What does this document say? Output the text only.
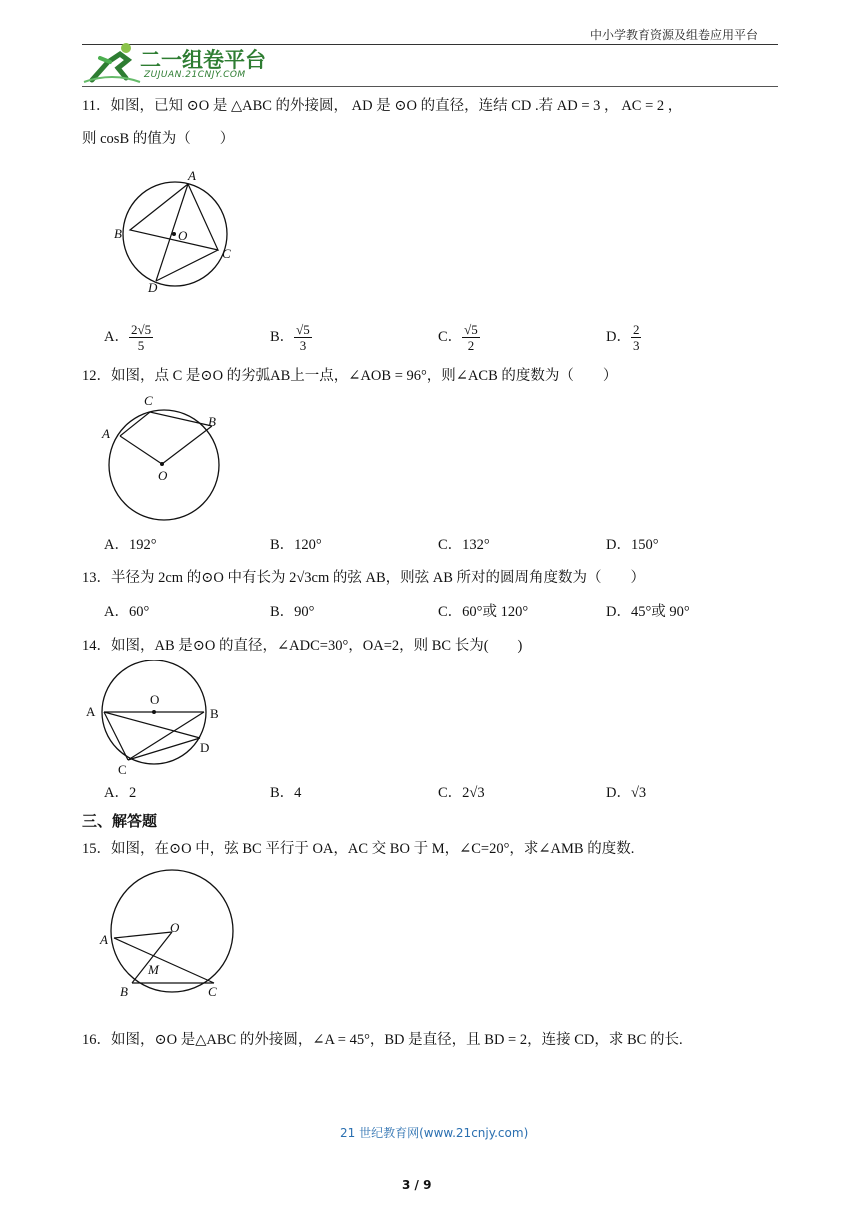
中小学教育资源及组卷应用平台
二一组卷平台
ZUJUAN.21CNJY.COM
11．如图，已知 ⊙O 是 △ABC 的外接圆， AD 是 ⊙O 的直径，连结 CD .若 AD = 3 ， AC = 2 ，
则 cosB 的值为（　　）
A
B	O
C
D
A． $\frac{2√5}{5}$	B． $\frac{√5}{3}$	C． $\frac{√5}{2}$	D． $\frac{2}{3}$
12．如图，点 C 是⊙O 的劣弧AB上一点，∠AOB = 96°，则∠ACB 的度数为（　　）
C
A
B
O
A．192°	B．120°	C．132°	D．150°
13．半径为 2cm 的⊙O 中有长为 2√3cm 的弦 AB，则弦 AB 所对的圆周角度数为（　　）
A．60°	B．90°	C．60°或 120°	D．45°或 90°
14．如图，AB 是⊙O 的直径，∠ADC=30°，OA=2，则 BC 长为(　　)
O
A	B
D
C
A．2	B．4	C．2√3	D．√3
三、解答题
15．如图，在⊙O 中，弦 BC 平行于 OA，AC 交 BO 于 M，∠C=20°，求∠AMB 的度数.
A
O
M
B	C
16．如图，⊙O 是△ABC 的外接圆，∠A = 45°，BD 是直径，且 BD = 2，连接 CD，求 BC 的长.
21 世纪教育网(www.21cnjy.com)
3 / 9
